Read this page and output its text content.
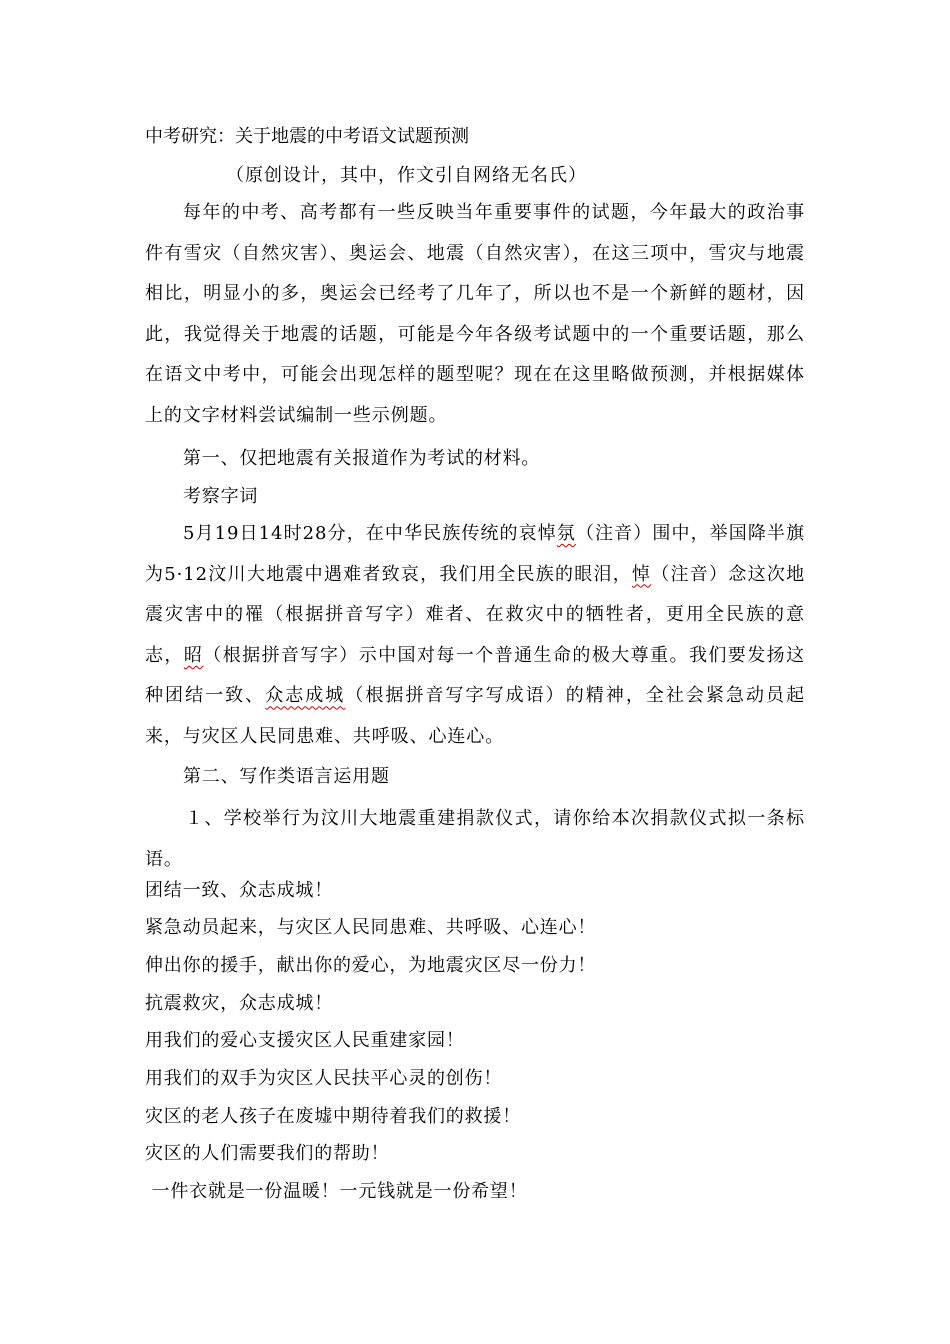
中考研究：关于地震的中考语文试题预测
（原创设计，其中，作文引自网络无名氏）
每年的中考、高考都有一些反映当年重要事件的试题，今年最大的政治事件有雪灾（自然灾害）、奥运会、地震（自然灾害），在这三项中，雪灾与地震相比，明显小的多，奥运会已经考了几年了，所以也不是一个新鲜的题材，因此，我觉得关于地震的话题，可能是今年各级考试题中的一个重要话题，那么在语文中考中，可能会出现怎样的题型呢？现在在这里略做预测，并根据媒体上的文字材料尝试编制一些示例题。
第一、仅把地震有关报道作为考试的材料。
考察字词
5月19日14时28分，在中华民族传统的哀悼氛（注音）围中，举国降半旗为5·12汶川大地震中遇难者致哀，我们用全民族的眼泪，悼（注音）念这次地震灾害中的罹（根据拼音写字）难者、在救灾中的牺牲者，更用全民族的意志，昭（根据拼音写字）示中国对每一个普通生命的极大尊重。我们要发扬这种团结一致、众志成城（根据拼音写字写成语）的精神，全社会紧急动员起来，与灾区人民同患难、共呼吸、心连心。
第二、写作类语言运用题
１、学校举行为汶川大地震重建捐款仪式，请你给本次捐款仪式拟一条标语。
团结一致、众志成城！
紧急动员起来，与灾区人民同患难、共呼吸、心连心！
伸出你的援手，献出你的爱心，为地震灾区尽一份力！
抗震救灾，众志成城！
用我们的爱心支援灾区人民重建家园！
用我们的双手为灾区人民扶平心灵的创伤！
灾区的老人孩子在废墟中期待着我们的救援！
灾区的人们需要我们的帮助！
一件衣就是一份温暖！一元钱就是一份希望！
